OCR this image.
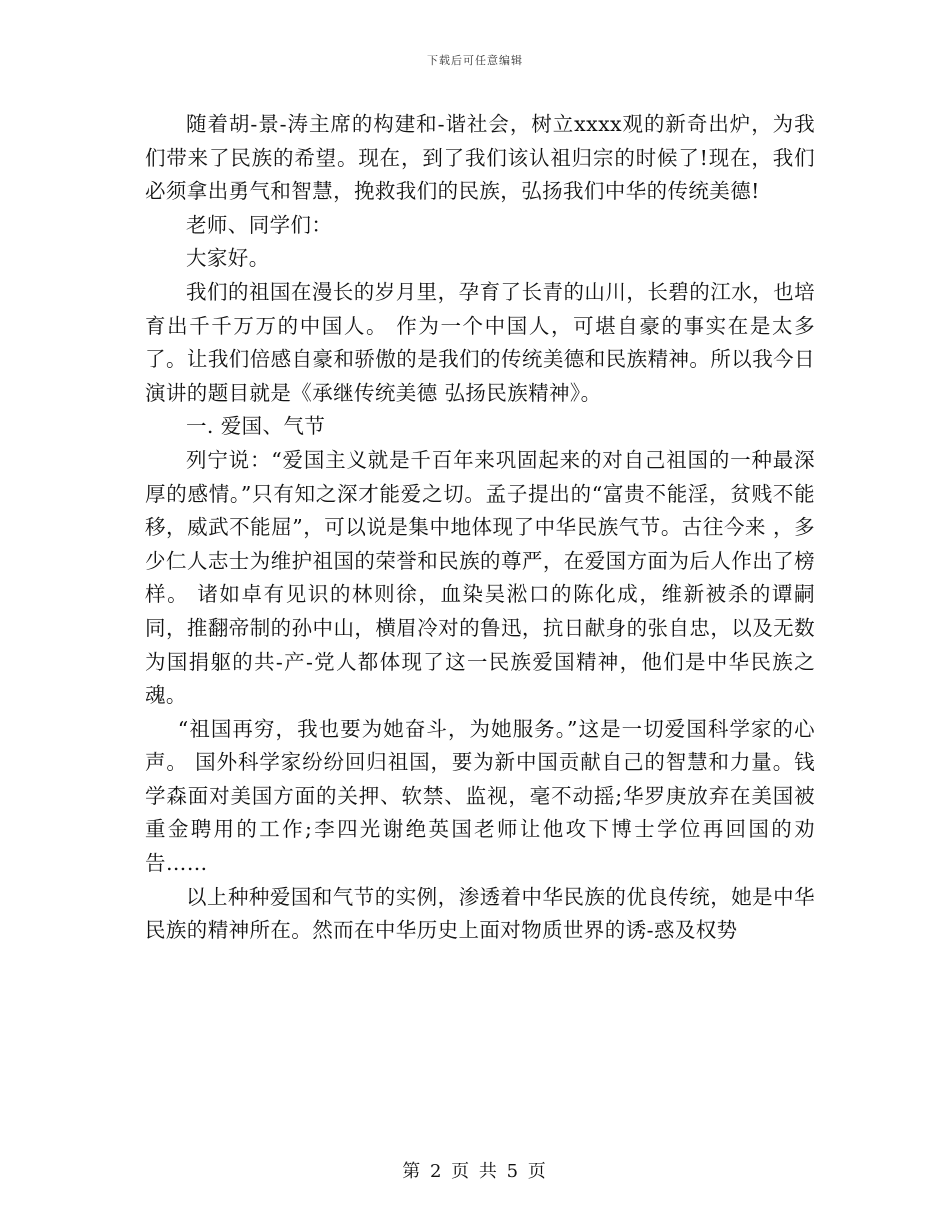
下载后可任意编辑

随着胡-景-涛主席的构建和-谐社会，树立xxxx观的新奇出炉，为我们带来了民族的希望。现在，到了我们该认祖归宗的时候了!现在，我们必须拿出勇气和智慧，挽救我们的民族，弘扬我们中华的传统美德!

老师、同学们：

大家好。

我们的祖国在漫长的岁月里，孕育了长青的山川，长碧的江水，也培育出千千万万的中国人。 作为一个中国人，可堪自豪的事实在是太多了。让我们倍感自豪和骄傲的是我们的传统美德和民族精神。所以我今日演讲的题目就是《承继传统美德 弘扬民族精神》。

一. 爱国、气节

列宁说：“爱国主义就是千百年来巩固起来的对自己祖国的一种最深厚的感情。”只有知之深才能爱之切。孟子提出的“富贵不能淫，贫贱不能移，威武不能屈”，可以说是集中地体现了中华民族气节。古往今来 ，多少仁人志士为维护祖国的荣誉和民族的尊严，在爱国方面为后人作出了榜样。 诸如卓有见识的林则徐，血染吴淞口的陈化成，维新被杀的谭嗣同，推翻帝制的孙中山，横眉冷对的鲁迅，抗日献身的张自忠，以及无数为国捐躯的共-产-党人都体现了这一民族爱国精神，他们是中华民族之魂。

“祖国再穷，我也要为她奋斗，为她服务。”这是一切爱国科学家的心声。 国外科学家纷纷回归祖国，要为新中国贡献自己的智慧和力量。钱学森面对美国方面的关押、软禁、监视，毫不动摇;华罗庚放弃在美国被重金聘用的工作;李四光谢绝英国老师让他攻下博士学位再回国的劝告……

以上种种爱国和气节的实例，渗透着中华民族的优良传统，她是中华民族的精神所在。然而在中华历史上面对物质世界的诱-惑及权势

第 2 页 共 5 页
